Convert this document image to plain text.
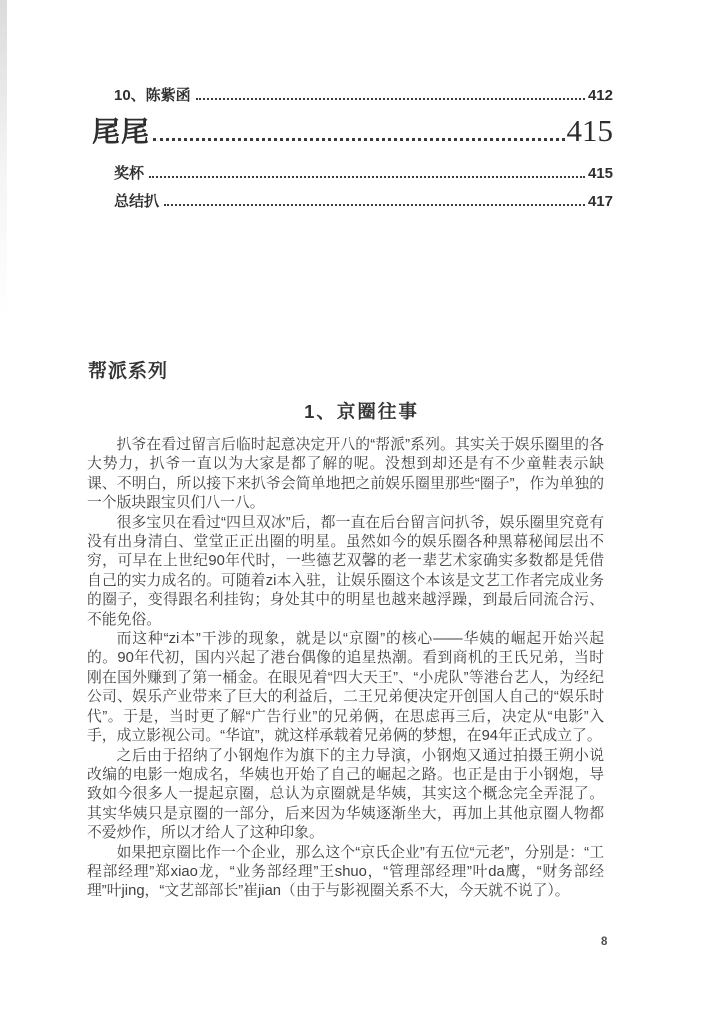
10、陈紫函	412
尾尾	415
奖杯	415
总结扒	417
帮派系列
1、京圈往事

扒爷在看过留言后临时起意决定开八的“帮派”系列。其实关于娱乐圈里的各大势力，扒爷一直以为大家是都了解的呢。没想到却还是有不少童鞋表示缺课、不明白，所以接下来扒爷会简单地把之前娱乐圈里那些“圈子”，作为单独的一个版块跟宝贝们八一八。

很多宝贝在看过“四旦双冰”后，都一直在后台留言问扒爷，娱乐圈里究竟有没有出身清白、堂堂正正出圈的明星。虽然如今的娱乐圈各种黑幕秘闻层出不穷，可早在上世纪90年代时，一些德艺双馨的老一辈艺术家确实多数都是凭借自己的实力成名的。可随着zi本入驻，让娱乐圈这个本该是文艺工作者完成业务的圈子，变得跟名利挂钩；身处其中的明星也越来越浮躁，到最后同流合污、不能免俗。

而这种“zi本”干涉的现象，就是以“京圈”的核心——华姨的崛起开始兴起的。90年代初，国内兴起了港台偶像的追星热潮。看到商机的王氏兄弟，当时刚在国外赚到了第一桶金。在眼见着“四大天王”、“小虎队”等港台艺人，为经纪公司、娱乐产业带来了巨大的利益后，二王兄弟便决定开创国人自己的“娱乐时代”。于是，当时更了解“广告行业”的兄弟俩，在思虑再三后，决定从“电影”入手，成立影视公司。“华谊”，就这样承载着兄弟俩的梦想，在94年正式成立了。

之后由于招纳了小钢炮作为旗下的主力导演，小钢炮又通过拍摄王朔小说改编的电影一炮成名，华姨也开始了自己的崛起之路。也正是由于小钢炮，导致如今很多人一提起京圈，总认为京圈就是华姨，其实这个概念完全弄混了。其实华姨只是京圈的一部分，后来因为华姨逐渐坐大，再加上其他京圈人物都不爱炒作，所以才给人了这种印象。

如果把京圈比作一个企业，那么这个“京氏企业”有五位“元老”，分别是：“工程部经理”郑xiao龙，“业务部经理”王shuo，“管理部经理”叶da鹰，“财务部经理”叶jing，“文艺部部长”崔jian（由于与影视圈关系不大，今天就不说了）。

8
